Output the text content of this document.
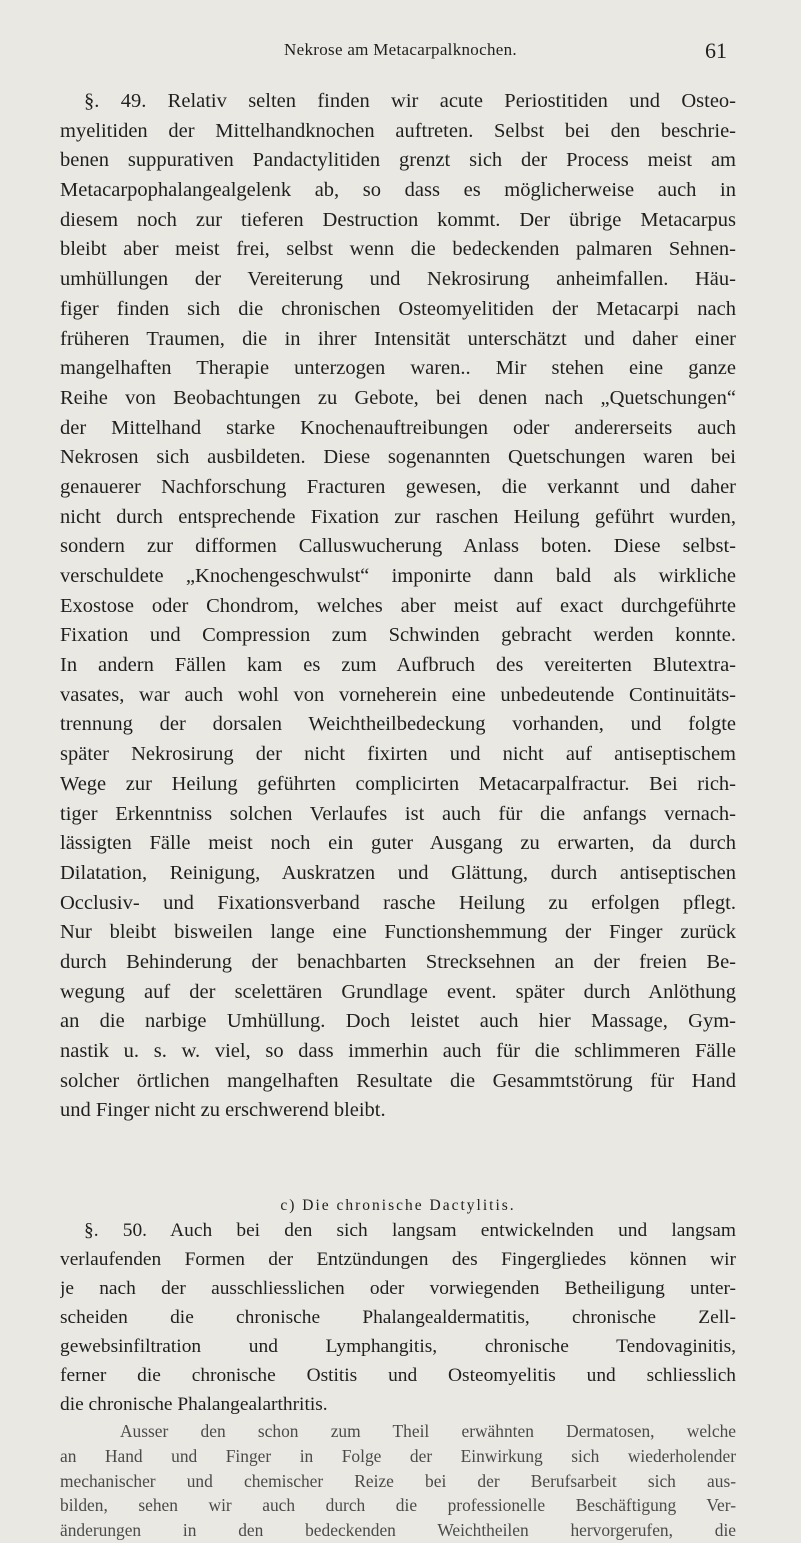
Nekrose am Metacarpalknochen.	61
§. 49. Relativ selten finden wir acute Periostitiden und Osteo-
myelitiden der Mittelhandknochen auftreten. Selbst bei den beschrie-
benen suppurativen Pandactylitiden grenzt sich der Process meist am
Metacarpophalangealgelenk ab, so dass es möglicherweise auch in
diesem noch zur tieferen Destruction kommt. Der übrige Metacarpus
bleibt aber meist frei, selbst wenn die bedeckenden palmaren Sehnen-
umhüllungen der Vereiterung und Nekrosirung anheimfallen. Häu-
figer finden sich die chronischen Osteomyelitiden der Metacarpi nach
früheren Traumen, die in ihrer Intensität unterschätzt und daher einer
mangelhaften Therapie unterzogen waren.. Mir stehen eine ganze
Reihe von Beobachtungen zu Gebote, bei denen nach „Quetschungen“
der Mittelhand starke Knochenauftreibungen oder andererseits auch
Nekrosen sich ausbildeten. Diese sogenannten Quetschungen waren bei
genauerer Nachforschung Fracturen gewesen, die verkannt und daher
nicht durch entsprechende Fixation zur raschen Heilung geführt wurden,
sondern zur difformen Calluswucherung Anlass boten. Diese selbst-
verschuldete „Knochengeschwulst“ imponirte dann bald als wirkliche
Exostose oder Chondrom, welches aber meist auf exact durchgeführte
Fixation und Compression zum Schwinden gebracht werden konnte.
In andern Fällen kam es zum Aufbruch des vereiterten Blutextra-
vasates, war auch wohl von vorneherein eine unbedeutende Continuitäts-
trennung der dorsalen Weichtheilbedeckung vorhanden, und folgte
später Nekrosirung der nicht fixirten und nicht auf antiseptischem
Wege zur Heilung geführten complicirten Metacarpalfractur. Bei rich-
tiger Erkenntniss solchen Verlaufes ist auch für die anfangs vernach-
lässigten Fälle meist noch ein guter Ausgang zu erwarten, da durch
Dilatation, Reinigung, Auskratzen und Glättung, durch antiseptischen
Occlusiv- und Fixationsverband rasche Heilung zu erfolgen pflegt.
Nur bleibt bisweilen lange eine Functionshemmung der Finger zurück
durch Behinderung der benachbarten Strecksehnen an der freien Be-
wegung auf der scelettären Grundlage event. später durch Anlöthung
an die narbige Umhüllung. Doch leistet auch hier Massage, Gym-
nastik u. s. w. viel, so dass immerhin auch für die schlimmeren Fälle
solcher örtlichen mangelhaften Resultate die Gesammtstörung für Hand
und Finger nicht zu erschwerend bleibt.
c) Die chronische Dactylitis.
§. 50. Auch bei den sich langsam entwickelnden und langsam
verlaufenden Formen der Entzündungen des Fingergliedes können wir
je nach der ausschliesslichen oder vorwiegenden Betheiligung unter-
scheiden die chronische Phalangealdermatitis, chronische Zell-
gewebsinfiltration und Lymphangitis, chronische Tendovaginitis,
ferner die chronische Ostitis und Osteomyelitis und schliesslich
die chronische Phalangealarthritis.
Ausser den schon zum Theil erwähnten Dermatosen, welche
an Hand und Finger in Folge der Einwirkung sich wiederholender
mechanischer und chemischer Reize bei der Berufsarbeit sich aus-
bilden, sehen wir auch durch die professionelle Beschäftigung Ver-
änderungen in den bedeckenden Weichtheilen hervorgerufen, die
